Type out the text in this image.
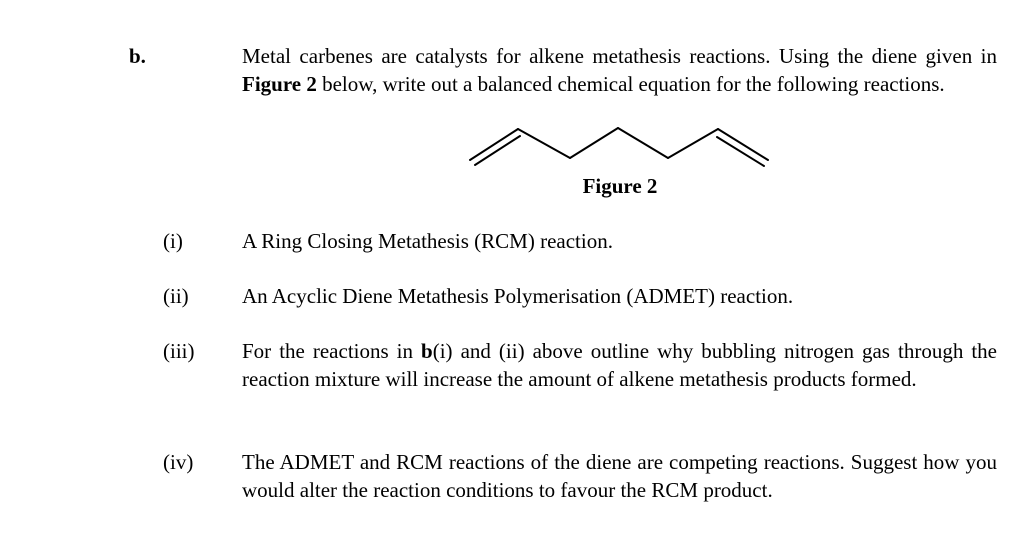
b.	Metal carbenes are catalysts for alkene metathesis reactions. Using the diene given in Figure 2 below, write out a balanced chemical equation for the following reactions.
Figure 2
(i)	A Ring Closing Metathesis (RCM) reaction.
(ii)	An Acyclic Diene Metathesis Polymerisation (ADMET) reaction.
(iii) For the reactions in b(i) and (ii) above outline why bubbling nitrogen gas through the reaction mixture will increase the amount of alkene metathesis products formed.
(iv) The ADMET and RCM reactions of the diene are competing reactions. Suggest how you would alter the reaction conditions to favour the RCM product.
